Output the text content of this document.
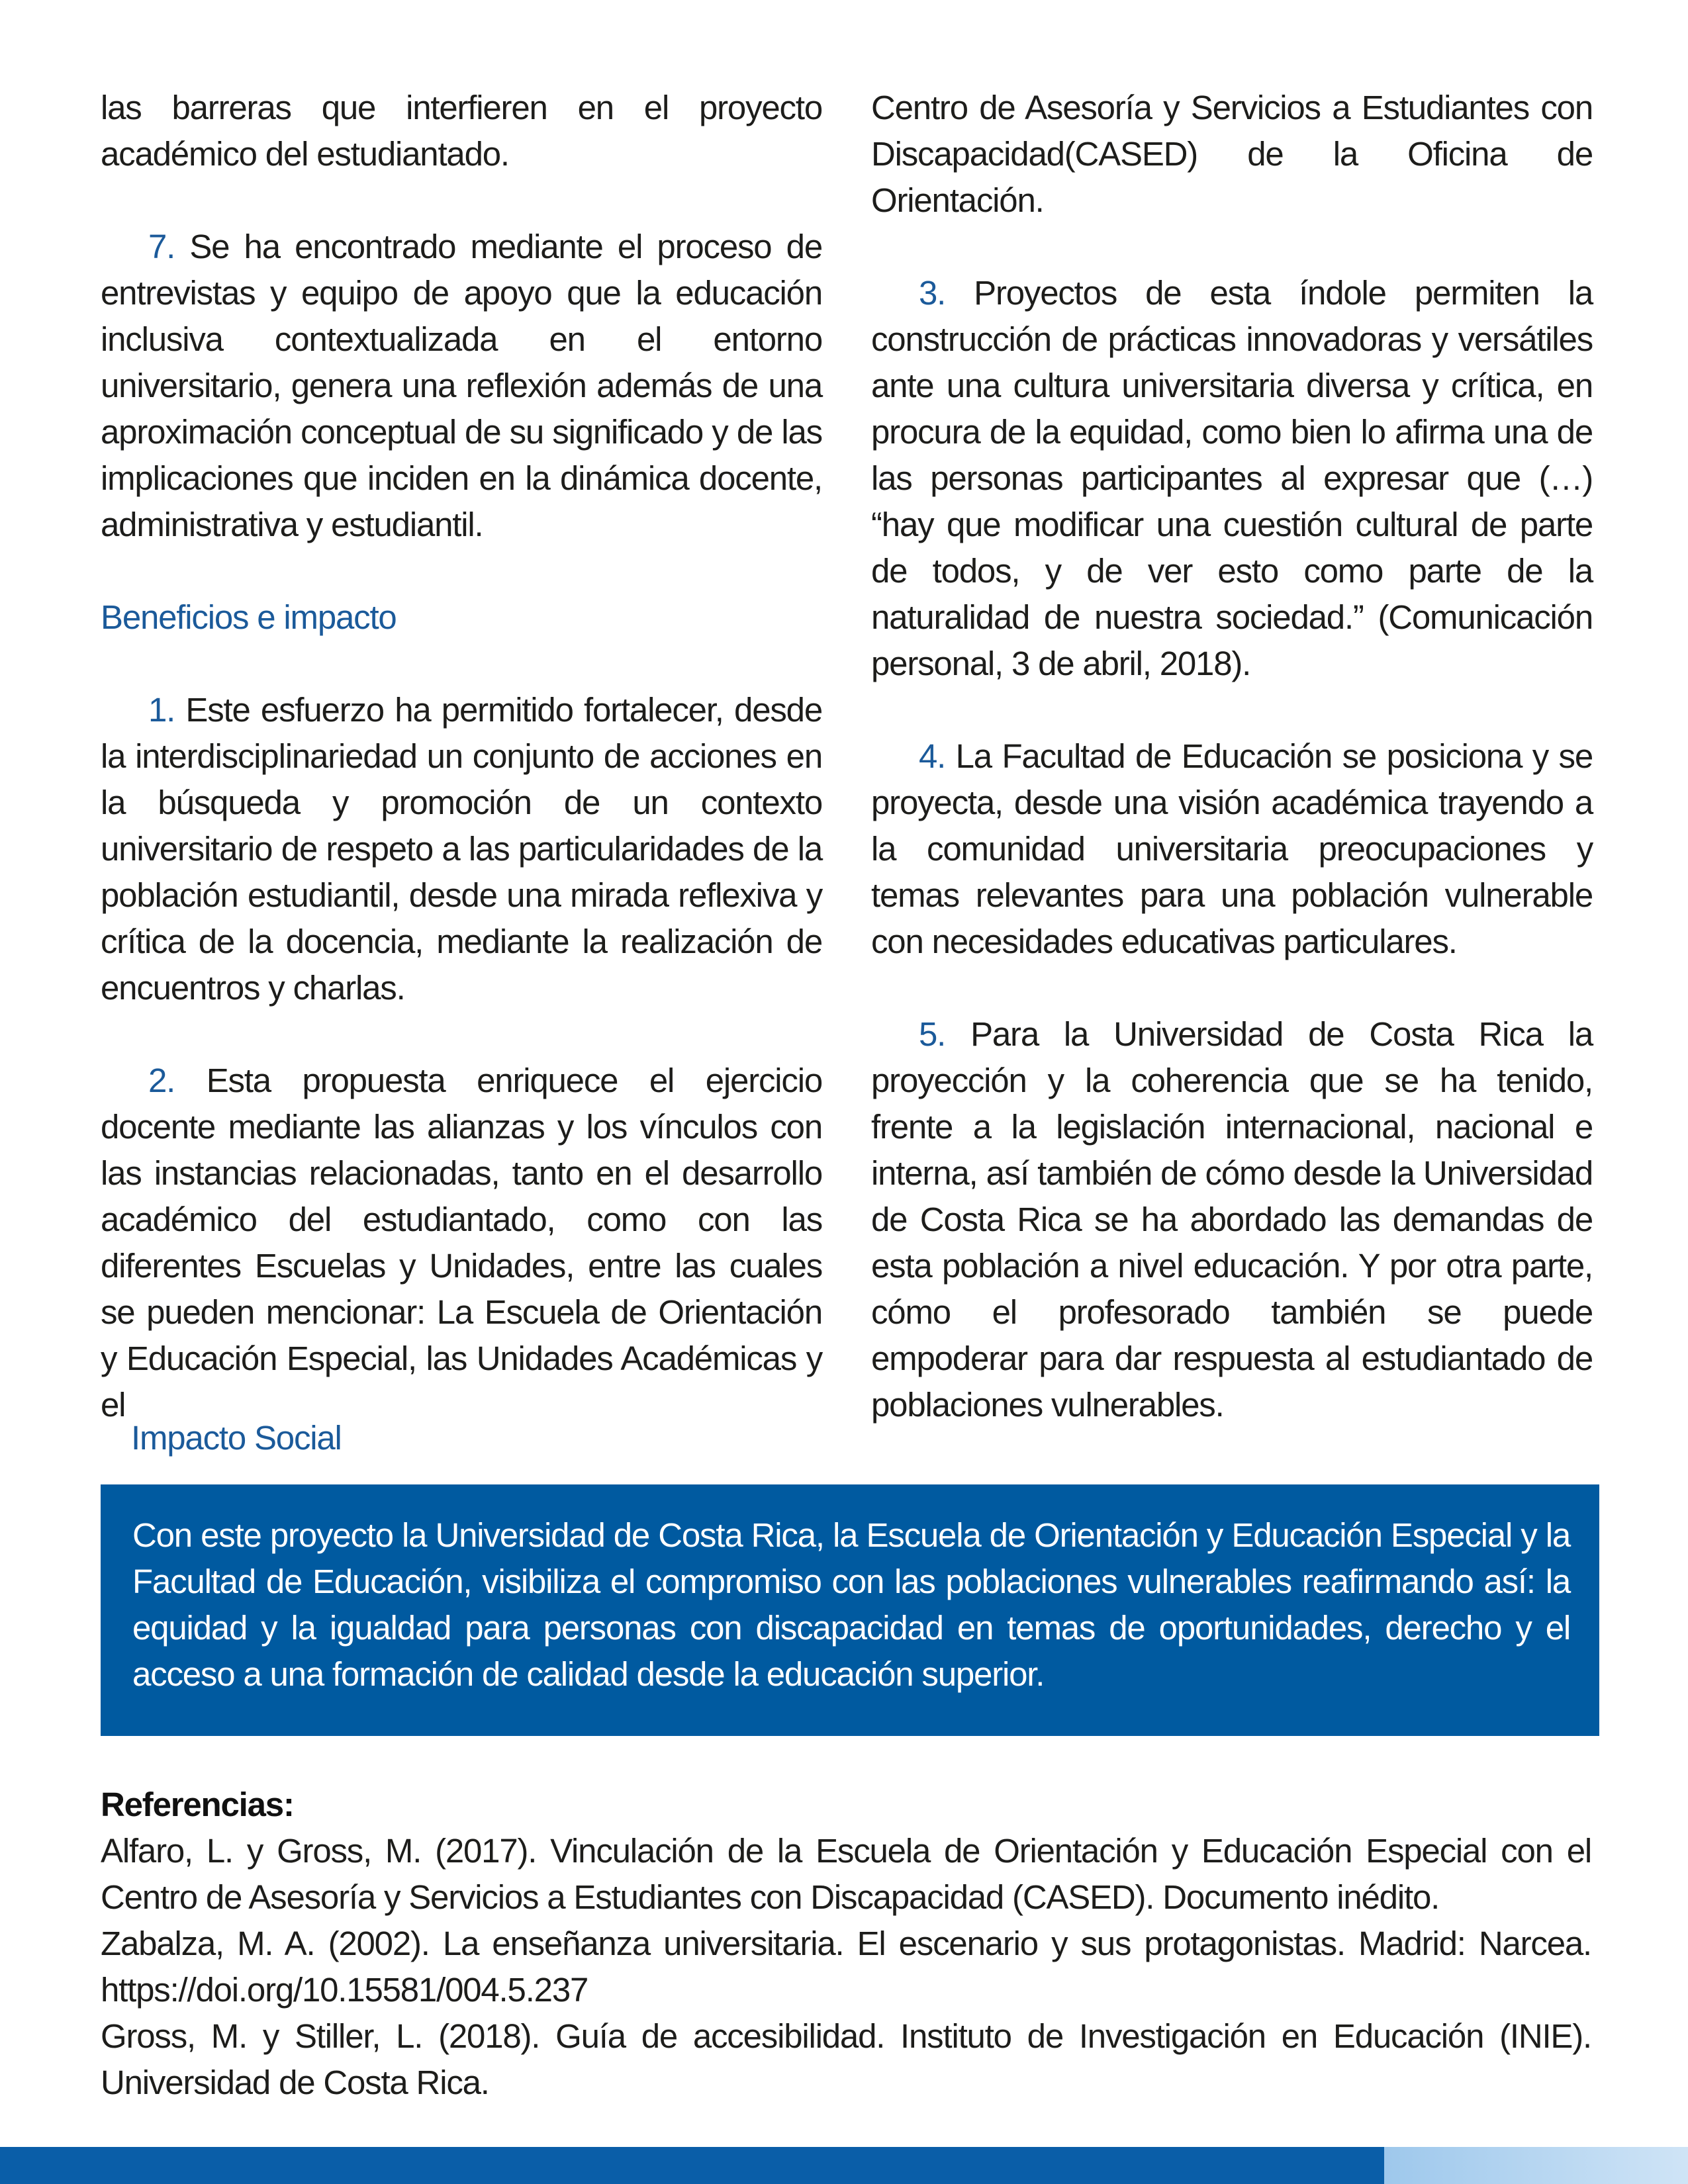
las barreras que interfieren en el proyecto académico del estudiantado.

7. Se ha encontrado mediante el proceso de entrevistas y equipo de apoyo que la educación inclusiva contextualizada en el entorno universitario, genera una reflexión además de una aproximación conceptual de su significado y de las implicaciones que inciden en la dinámica docente, administrativa y estudiantil.

Beneficios e impacto

1. Este esfuerzo ha permitido fortalecer, desde la interdisciplinariedad un conjunto de acciones en la búsqueda y promoción de un contexto universitario de respeto a las particularidades de la población estudiantil, desde una mirada reflexiva y crítica de la docencia, mediante la realización de encuentros y charlas.

2. Esta propuesta enriquece el ejercicio docente mediante las alianzas y los vínculos con las instancias relacionadas, tanto en el desarrollo académico del estudiantado, como con las diferentes Escuelas y Unidades, entre las cuales se pueden mencionar: La Escuela de Orientación y Educación Especial, las Unidades Académicas y el

Centro de Asesoría y Servicios a Estudiantes con Discapacidad(CASED) de la Oficina de Orientación.

3. Proyectos de esta índole permiten la construcción de prácticas innovadoras y versátiles ante una cultura universitaria diversa y crítica, en procura de la equidad, como bien lo afirma una de las personas participantes al expresar que (…) “hay que modificar una cuestión cultural de parte de todos, y de ver esto como parte de la naturalidad de nuestra sociedad.” (Comunicación personal, 3 de abril, 2018).

4. La Facultad de Educación se posiciona y se proyecta, desde una visión académica trayendo a la comunidad universitaria preocupaciones y temas relevantes para una población vulnerable con necesidades educativas particulares.

5. Para la Universidad de Costa Rica la proyección y la coherencia que se ha tenido, frente a la legislación internacional, nacional e interna, así también de cómo desde la Universidad de Costa Rica se ha abordado las demandas de esta población a nivel educación. Y por otra parte, cómo el profesorado también se puede empoderar para dar respuesta al estudiantado de poblaciones vulnerables.

Impacto Social

Con este proyecto la Universidad de Costa Rica, la Escuela de Orientación y Educación Especial y la Facultad de Educación, visibiliza el compromiso con las poblaciones vulnerables reafirmando así: la equidad y la igualdad para personas con discapacidad en temas de oportunidades, derecho y el acceso a una formación de calidad desde la educación superior.

Referencias:

Alfaro, L. y Gross, M. (2017). Vinculación de la Escuela de Orientación y Educación Especial con el Centro de Asesoría y Servicios a Estudiantes con Discapacidad (CASED). Documento inédito.

Zabalza, M. A. (2002). La enseñanza universitaria. El escenario y sus protagonistas. Madrid: Narcea. https://doi.org/10.15581/004.5.237

Gross, M. y Stiller, L. (2018). Guía de accesibilidad. Instituto de Investigación en Educación (INIE). Universidad de Costa Rica.
